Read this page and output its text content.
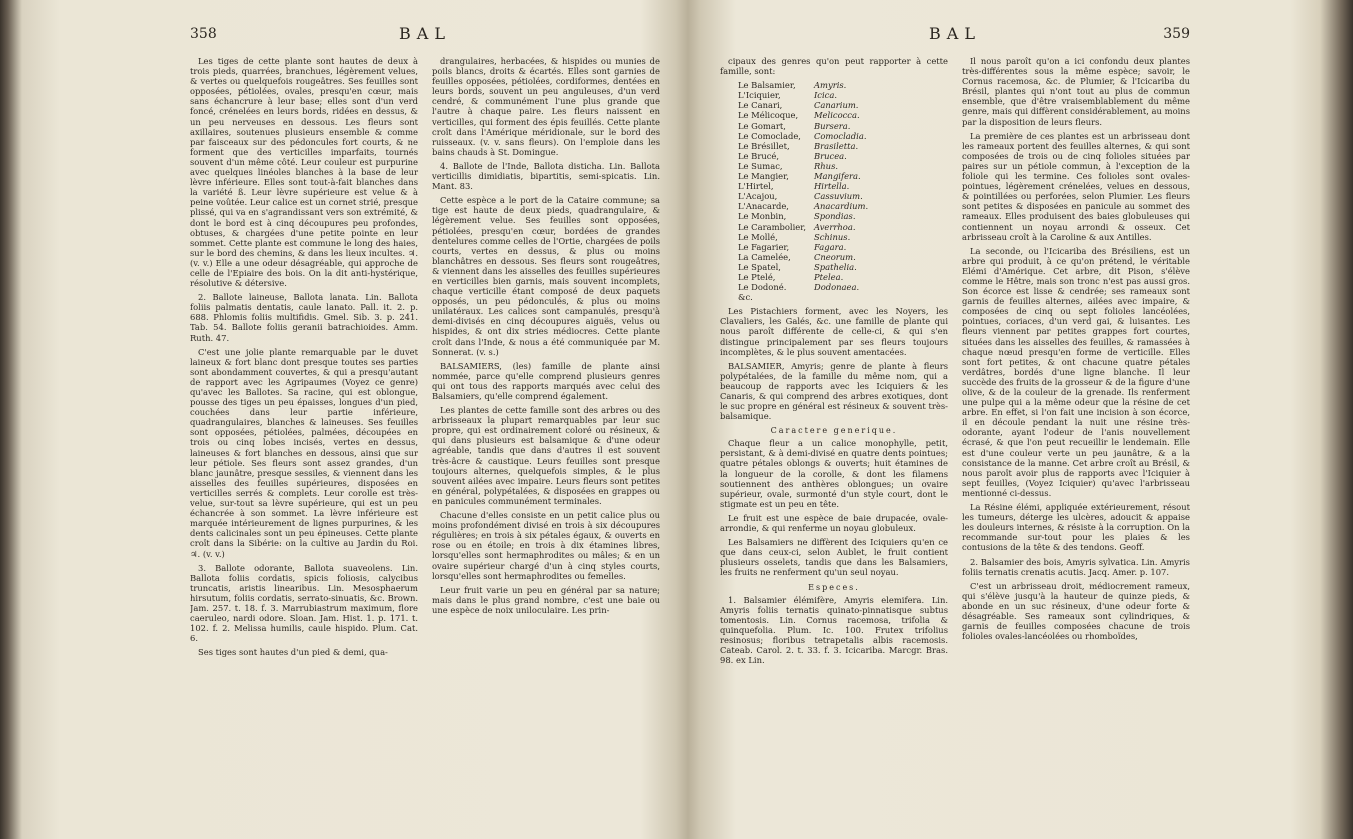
358	BAL

Les tiges de cette plante sont hautes de deux à trois pieds, quarrées, branchues, légèrement velues, & vertes ou quelquefois rougeâtres. Ses feuilles sont opposées, pétiolées, ovales, presqu'en cœur, mais sans échancrure à leur base; elles sont d'un verd foncé, crénelées en leurs bords, ridées en dessus, & un peu nerveuses en dessous. Les fleurs sont axillaires, soutenues plusieurs ensemble & comme par faisceaux sur des pédoncules fort courts, & ne forment que des verticilles imparfaits, tournés souvent d'un même côté. Leur couleur est purpurine avec quelques linéoles blanches à la base de leur lèvre inférieure. Elles sont tout-à-fait blanches dans la variété ß. Leur lèvre supérieure est velue & à peine voûtée. Leur calice est un cornet strié, presque plissé, qui va en s'agrandissant vers son extrémité, & dont le bord est à cinq découpures peu profondes, obtuses, & chargées d'une petite pointe en leur sommet. Cette plante est commune le long des haies, sur le bord des chemins, & dans les lieux incultes. ♃. (v. v.) Elle a une odeur désagréable, qui approche de celle de l'Epiaire des bois. On la dit anti-hystérique, résolutive & détersive.

2. Ballote laineuse, Ballota lanata. Lin. Ballota foliis palmatis dentatis, caule lanato. Pall. it. 2. p. 688. Phlomis foliis multifidis. Gmel. Sib. 3. p. 241. Tab. 54. Ballote foliis geranii batrachioides. Amm. Ruth. 47.

C'est une jolie plante remarquable par le duvet laineux & fort blanc dont presque toutes ses parties sont abondamment couvertes, & qui a presqu'autant de rapport avec les Agripaumes (Voyez ce genre) qu'avec les Ballotes. Sa racine, qui est oblongue, pousse des tiges un peu épaisses, longues d'un pied, couchées dans leur partie inférieure, quadrangulaires, blanches & laineuses. Ses feuilles sont opposées, pétiolées, palmées, découpées en trois ou cinq lobes incisés, vertes en dessus, laineuses & fort blanches en dessous, ainsi que sur leur pétiole. Ses fleurs sont assez grandes, d'un blanc jaunâtre, presque sessiles, & viennent dans les aisselles des feuilles supérieures, disposées en verticilles serrés & complets. Leur corolle est très-velue, sur-tout sa lèvre supérieure, qui est un peu échancrée à son sommet. La lèvre inférieure est marquée intérieurement de lignes purpurines, & les dents calicinales sont un peu épineuses. Cette plante croît dans la Sibérie: on la cultive au Jardin du Roi. ♃. (v. v.)

3. Ballote odorante, Ballota suaveolens. Lin. Ballota foliis cordatis, spicis foliosis, calycibus truncatis, aristis linearibus. Lin. Mesosphaerum hirsutum, foliis cordatis, serrato-sinuatis, &c. Brown. Jam. 257. t. 18. f. 3. Marrubiastrum maximum, flore caeruleo, nardi odore. Sloan. Jam. Hist. 1. p. 171. t. 102. f. 2. Melissa humilis, caule hispido. Plum. Cat. 6.

Ses tiges sont hautes d'un pied & demi, qua-

drangulaires, herbacées, & hispides ou munies de poils blancs, droits & écartés. Elles sont garnies de feuilles opposées, pétiolées, cordiformes, dentées en leurs bords, souvent un peu anguleuses, d'un verd cendré, & communément l'une plus grande que l'autre à chaque paire. Les fleurs naissent en verticilles, qui forment des épis feuillés. Cette plante croît dans l'Amérique méridionale, sur le bord des ruisseaux. (v. v. sans fleurs). On l'emploie dans les bains chauds à St. Domingue.

4. Ballote de l'Inde, Ballota disticha. Lin. Ballota verticillis dimidiatis, bipartitis, semi-spicatis. Lin. Mant. 83.

Cette espèce a le port de la Cataire commune; sa tige est haute de deux pieds, quadrangulaire, & légèrement velue. Ses feuilles sont opposées, pétiolées, presqu'en cœur, bordées de grandes dentelures comme celles de l'Ortie, chargées de poils courts, vertes en dessus, & plus ou moins blanchâtres en dessous. Ses fleurs sont rougeâtres, & viennent dans les aisselles des feuilles supérieures en verticilles bien garnis, mais souvent incomplets, chaque verticille étant composé de deux paquets opposés, un peu pédonculés, & plus ou moins unilatéraux. Les calices sont campanulés, presqu'à demi-divisés en cinq découpures aiguës, velus ou hispides, & ont dix stries médiocres. Cette plante croît dans l'Inde, & nous a été communiquée par M. Sonnerat. (v. s.)

BALSAMIERS, (les) famille de plante ainsi nommée, parce qu'elle comprend plusieurs genres qui ont tous des rapports marqués avec celui des Balsamiers, qu'elle comprend également.

Les plantes de cette famille sont des arbres ou des arbrisseaux la plupart remarquables par leur suc propre, qui est ordinairement coloré ou résineux, & qui dans plusieurs est balsamique & d'une odeur agréable, tandis que dans d'autres il est souvent très-âcre & caustique. Leurs feuilles sont presque toujours alternes, quelquefois simples, & le plus souvent ailées avec impaire. Leurs fleurs sont petites en général, polypétalées, & disposées en grappes ou en panicules communément terminales.

Chacune d'elles consiste en un petit calice plus ou moins profondément divisé en trois à six découpures régulières; en trois à six pétales égaux, & ouverts en rose ou en étoile; en trois à dix étamines libres, lorsqu'elles sont hermaphrodites ou mâles; & en un ovaire supérieur chargé d'un à cinq styles courts, lorsqu'elles sont hermaphrodites ou femelles.

Leur fruit varie un peu en général par sa nature; mais dans le plus grand nombre, c'est une baie ou une espèce de noix uniloculaire. Les prin-

BAL	359

cipaux des genres qu'on peut rapporter à cette famille, sont:

Le Balsamier,	Amyris.
L'Iciquier,	Icica.
Le Canari,	Canarium.
Le Mélicoque,	Melicocca.
Le Gomart,	Bursera.
Le Comoclade,	Comocladia.
Le Brésillet,	Brasiletta.
Le Brucé,	Brucea.
Le Sumac,	Rhus.
Le Mangier,	Mangifera.
L'Hirtel,	Hirtella.
L'Acajou,	Cassuvium.
L'Anacarde,	Anacardium.
Le Monbin,	Spondias.
Le Carambolier,	Averrhoa.
Le Mollé,	Schinus.
Le Fagarier,	Fagara.
La Camelée,	Cneorum.
Le Spatel,	Spathelia.
Le Ptelé,	Ptelea.
Le Dodoné.	Dodonaea.
&c.	

Les Pistachiers forment, avec les Noyers, les Clavaliers, les Galés, &c. une famille de plante qui nous paroît différente de celle-ci, & qui s'en distingue principalement par ses fleurs toujours incomplètes, & le plus souvent amentacées.

BALSAMIER, Amyris; genre de plante à fleurs polypétalées, de la famille du même nom, qui a beaucoup de rapports avec les Iciquiers & les Canaris, & qui comprend des arbres exotiques, dont le suc propre en général est résineux & souvent très-balsamique.

Caractere generique.

Chaque fleur a un calice monophylle, petit, persistant, & à demi-divisé en quatre dents pointues; quatre pétales oblongs & ouverts; huit étamines de la longueur de la corolle, & dont les filamens soutiennent des anthères oblongues; un ovaire supérieur, ovale, surmonté d'un style court, dont le stigmate est un peu en tête.

Le fruit est une espèce de baie drupacée, ovale-arrondie, & qui renferme un noyau globuleux.

Les Balsamiers ne diffèrent des Iciquiers qu'en ce que dans ceux-ci, selon Aublet, le fruit contient plusieurs osselets, tandis que dans les Balsamiers, les fruits ne renferment qu'un seul noyau.

Especes.

1. Balsamier élémifère, Amyris elemifera. Lin. Amyris foliis ternatis quinato-pinnatisque subtus tomentosis. Lin. Cornus racemosa, trifolia & quinquefolia. Plum. Ic. 100. Frutex trifolius resinosus; floribus tetrapetalis albis racemosis. Cateab. Carol. 2. t. 33. f. 3. Icicariba. Marcgr. Bras. 98. ex Lin.

Il nous paroît qu'on a ici confondu deux plantes très-différentes sous la même espèce; savoir, le Cornus racemosa, &c. de Plumier, & l'Icicariba du Brésil, plantes qui n'ont tout au plus de commun ensemble, que d'être vraisemblablement du même genre, mais qui diffèrent considérablement, au moins par la disposition de leurs fleurs.

La première de ces plantes est un arbrisseau dont les rameaux portent des feuilles alternes, & qui sont composées de trois ou de cinq folioles situées par paires sur un pétiole commun, à l'exception de la foliole qui les termine. Ces folioles sont ovales-pointues, légèrement crénelées, velues en dessous, & pointillées ou perforées, selon Plumier. Les fleurs sont petites & disposées en panicule au sommet des rameaux. Elles produisent des baies globuleuses qui contiennent un noyau arrondi & osseux. Cet arbrisseau croît à la Caroline & aux Antilles.

La seconde, ou l'Icicariba des Brésiliens, est un arbre qui produit, à ce qu'on prétend, le véritable Elémi d'Amérique. Cet arbre, dit Pison, s'élève comme le Hêtre, mais son tronc n'est pas aussi gros. Son écorce est lisse & cendrée; ses rameaux sont garnis de feuilles alternes, ailées avec impaire, & composées de cinq ou sept folioles lancéolées, pointues, coriaces, d'un verd gai, & luisantes. Les fleurs viennent par petites grappes fort courtes, situées dans les aisselles des feuilles, & ramassées à chaque nœud presqu'en forme de verticille. Elles sont fort petites, & ont chacune quatre pétales verdâtres, bordés d'une ligne blanche. Il leur succède des fruits de la grosseur & de la figure d'une olive, & de la couleur de la grenade. Ils renferment une pulpe qui a la même odeur que la résine de cet arbre. En effet, si l'on fait une incision à son écorce, il en découle pendant la nuit une résine très-odorante, ayant l'odeur de l'anis nouvellement écrasé, & que l'on peut recueillir le lendemain. Elle est d'une couleur verte un peu jaunâtre, & a la consistance de la manne. Cet arbre croît au Brésil, & nous paroît avoir plus de rapports avec l'Iciquier à sept feuilles, (Voyez Iciquier) qu'avec l'arbrisseau mentionné ci-dessus.

La Résine élémi, appliquée extérieurement, résout les tumeurs, déterge les ulcères, adoucit & appaise les douleurs internes, & résiste à la corruption. On la recommande sur-tout pour les plaies & les contusions de la tête & des tendons. Geoff.

2. Balsamier des bois, Amyris sylvatica. Lin. Amyris foliis ternatis crenatis acutis. Jacq. Amer. p. 107.

C'est un arbrisseau droit, médiocrement rameux, qui s'élève jusqu'à la hauteur de quinze pieds, & abonde en un suc résineux, d'une odeur forte & désagréable. Ses rameaux sont cylindriques, & garnis de feuilles composées chacune de trois folioles ovales-lancéolées ou rhomboïdes,
